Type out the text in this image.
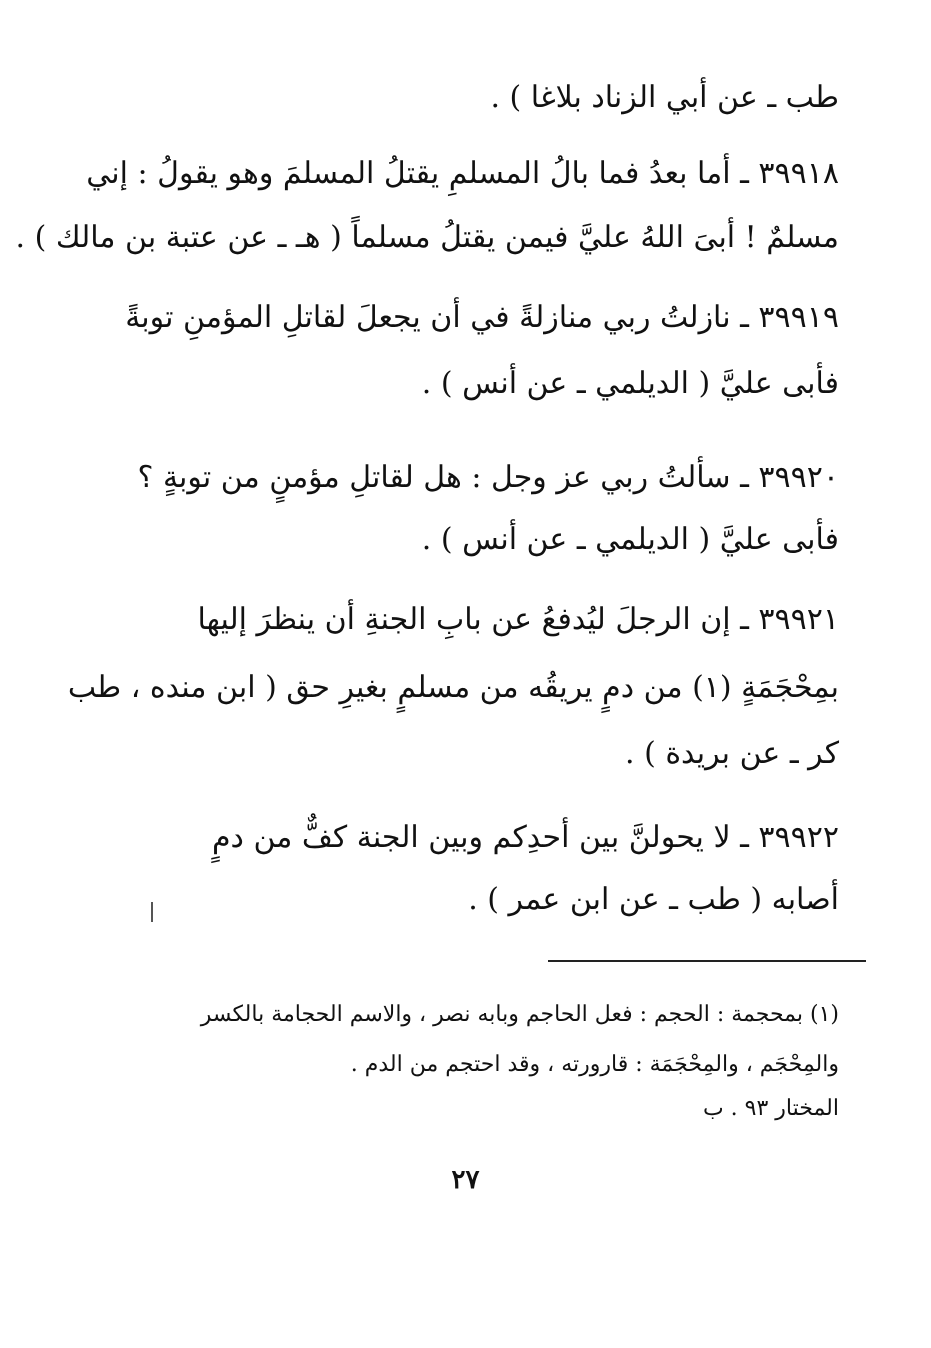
طب ـ عن أبي الزناد بلاغا ) .
٣٩٩١٨ ـ أما بعدُ فما بالُ المسلمِ يقتلُ المسلمَ وهو يقولُ : إني
مسلمٌ ! أبىَ اللهُ عليَّ فيمن يقتلُ مسلماً ( هـ ـ عن عتبة بن مالك ) .
٣٩٩١٩ ـ نازلتُ ربي منازلةً في أن يجعلَ لقاتلِ المؤمنِ توبةً
فأبى عليَّ ( الديلمي ـ عن أنس ) .
٣٩٩٢٠ ـ سألتُ ربي عز وجل : هل لقاتلِ مؤمنٍ من توبةٍ ؟
فأبى عليَّ ( الديلمي ـ عن أنس ) .
٣٩٩٢١ ـ إن الرجلَ ليُدفعُ عن بابِ الجنةِ أن ينظرَ إليها
بمِحْجَمَةٍ (١) من دمٍ يريقُه من مسلمٍ بغيرِ حق ( ابن منده ، طب
كر ـ عن بريدة ) .
٣٩٩٢٢ ـ لا يحولنَّ بين أحدِكم وبين الجنة كفٌّ من دمٍ
أصابه ( طب ـ عن ابن عمر ) .
(١) بمحجمة : الحجم : فعل الحاجم وبابه نصر ، والاسم الحجامة بالكسر
والمِحْجَم ، والمِحْجَمَة : قارورته ، وقد احتجم من الدم .
المختار ٩٣ . ب
٢٧
